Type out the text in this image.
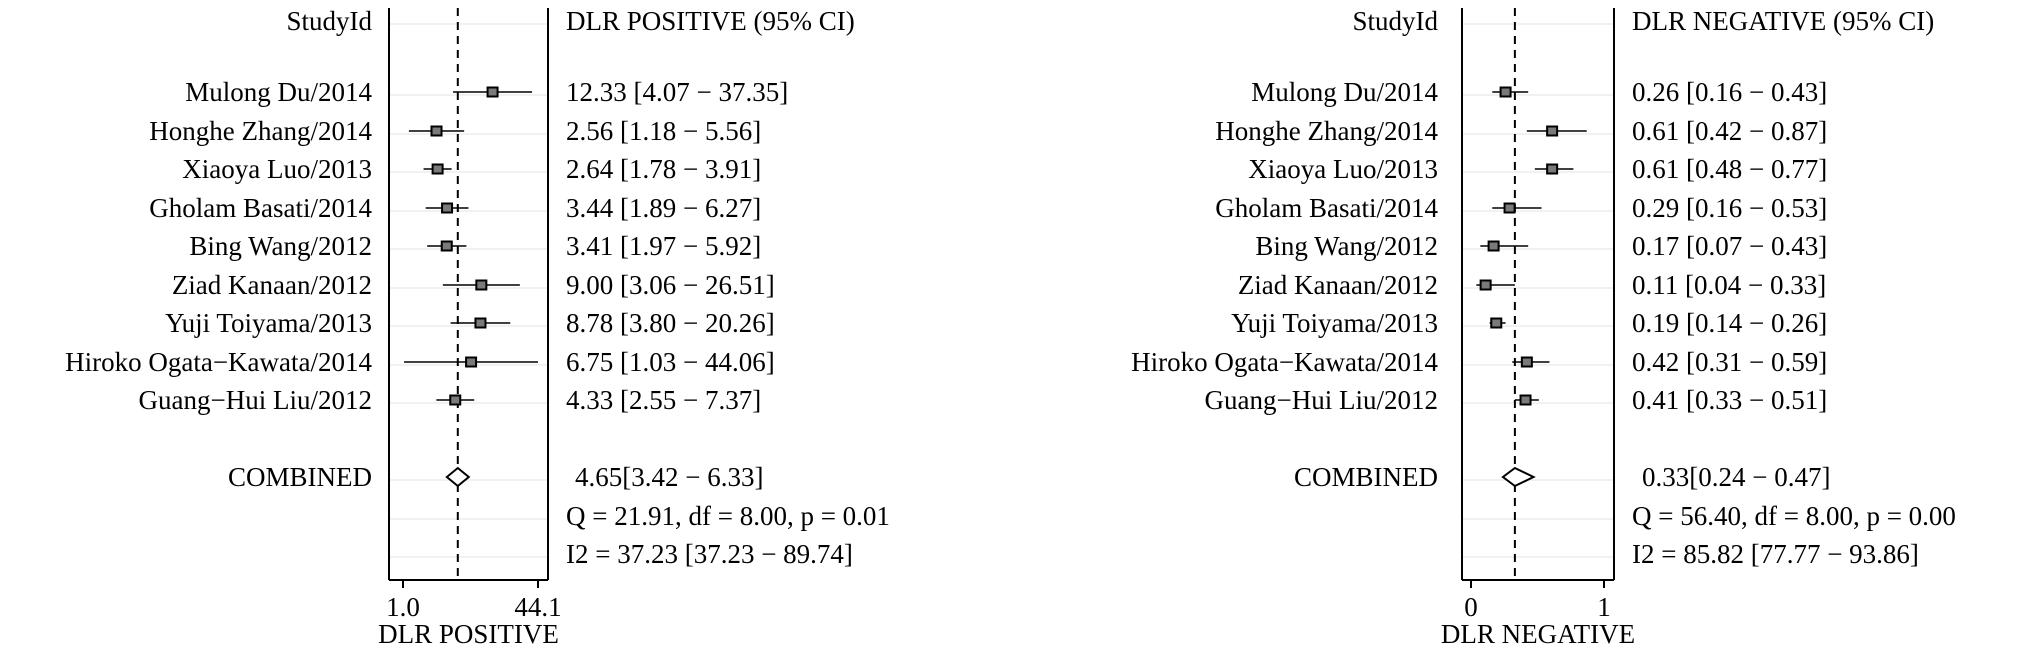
StudyId	DLR POSITIVE (95% CI)
Mulong Du/2014	12.33 [4.07 − 37.35]
Honghe Zhang/2014	2.56 [1.18 − 5.56]
Xiaoya Luo/2013	2.64 [1.78 − 3.91]
Gholam Basati/2014	3.44 [1.89 − 6.27]
Bing Wang/2012	3.41 [1.97 − 5.92]
Ziad Kanaan/2012	9.00 [3.06 − 26.51]
Yuji Toiyama/2013	8.78 [3.80 − 20.26]
Hiroko Ogata−Kawata/2014	6.75 [1.03 − 44.06]
Guang−Hui Liu/2012	4.33 [2.55 − 7.37]
COMBINED	4.65[3.42 − 6.33]
Q = 21.91, df = 8.00, p = 0.01
I2 = 37.23 [37.23 − 89.74]
1.0	44.1
DLR POSITIVE
StudyId	DLR NEGATIVE (95% CI)
Mulong Du/2014	0.26 [0.16 − 0.43]
Honghe Zhang/2014	0.61 [0.42 − 0.87]
Xiaoya Luo/2013	0.61 [0.48 − 0.77]
Gholam Basati/2014	0.29 [0.16 − 0.53]
Bing Wang/2012	0.17 [0.07 − 0.43]
Ziad Kanaan/2012	0.11 [0.04 − 0.33]
Yuji Toiyama/2013	0.19 [0.14 − 0.26]
Hiroko Ogata−Kawata/2014	0.42 [0.31 − 0.59]
Guang−Hui Liu/2012	0.41 [0.33 − 0.51]
COMBINED	0.33[0.24 − 0.47]
Q = 56.40, df = 8.00, p = 0.00
I2 = 85.82 [77.77 − 93.86]
0	1
DLR NEGATIVE
